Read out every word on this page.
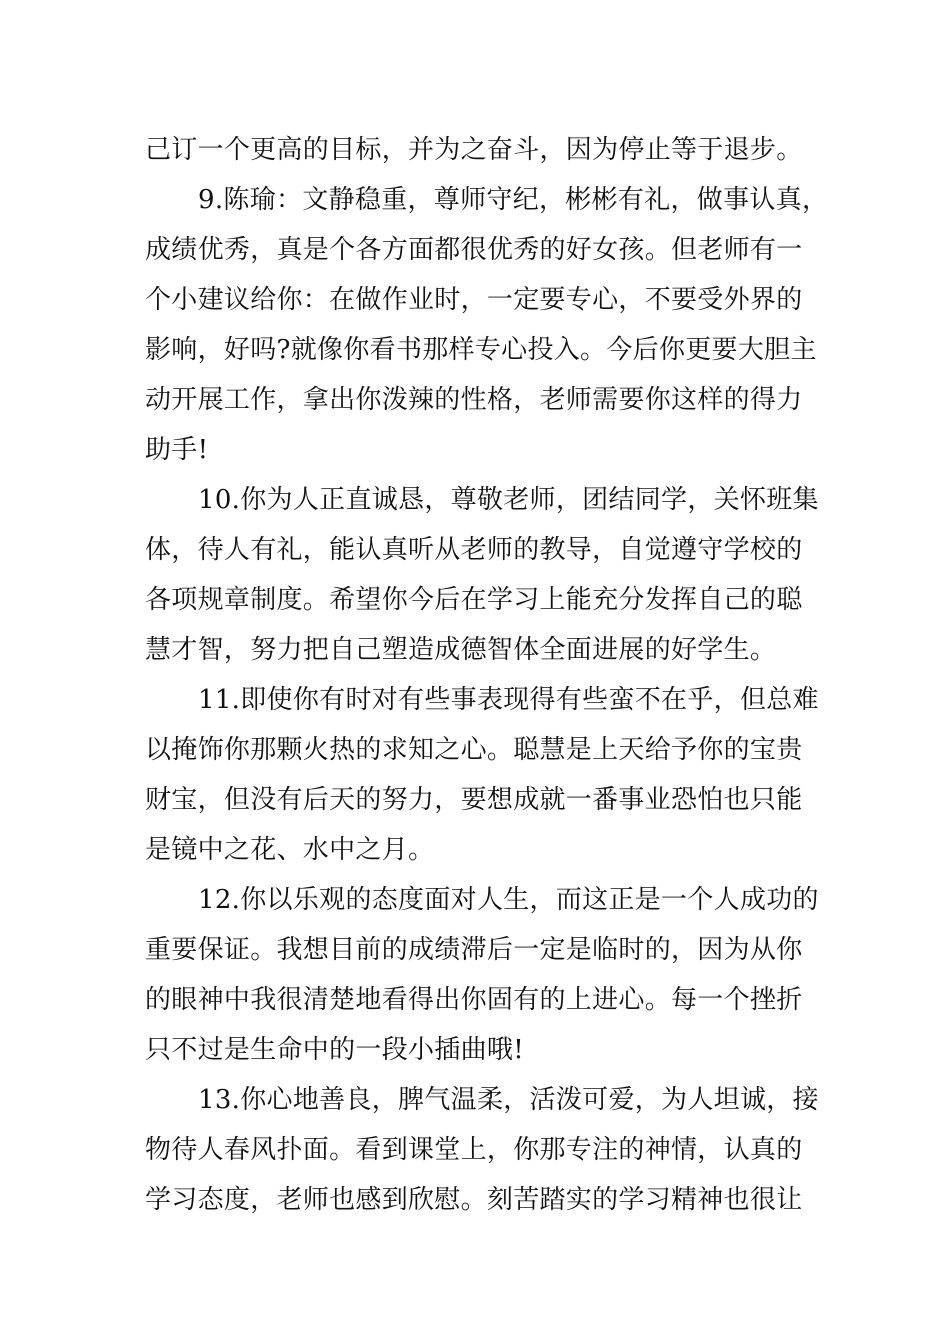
己订一个更高的目标，并为之奋斗，因为停止等于退步。
9.陈瑜：文静稳重，尊师守纪，彬彬有礼，做事认真，
成绩优秀，真是个各方面都很优秀的好女孩。但老师有一
个小建议给你：在做作业时，一定要专心，不要受外界的
影响，好吗?就像你看书那样专心投入。今后你更要大胆主
动开展工作，拿出你泼辣的性格，老师需要你这样的得力
助手!
10.你为人正直诚恳，尊敬老师，团结同学，关怀班集
体，待人有礼，能认真听从老师的教导，自觉遵守学校的
各项规章制度。希望你今后在学习上能充分发挥自己的聪
慧才智，努力把自己塑造成德智体全面进展的好学生。
11.即使你有时对有些事表现得有些蛮不在乎，但总难
以掩饰你那颗火热的求知之心。聪慧是上天给予你的宝贵
财宝，但没有后天的努力，要想成就一番事业恐怕也只能
是镜中之花、水中之月。
12.你以乐观的态度面对人生，而这正是一个人成功的
重要保证。我想目前的成绩滞后一定是临时的，因为从你
的眼神中我很清楚地看得出你固有的上进心。每一个挫折
只不过是生命中的一段小插曲哦!
13.你心地善良，脾气温柔，活泼可爱，为人坦诚，接
物待人春风扑面。看到课堂上，你那专注的神情，认真的
学习态度，老师也感到欣慰。刻苦踏实的学习精神也很让
